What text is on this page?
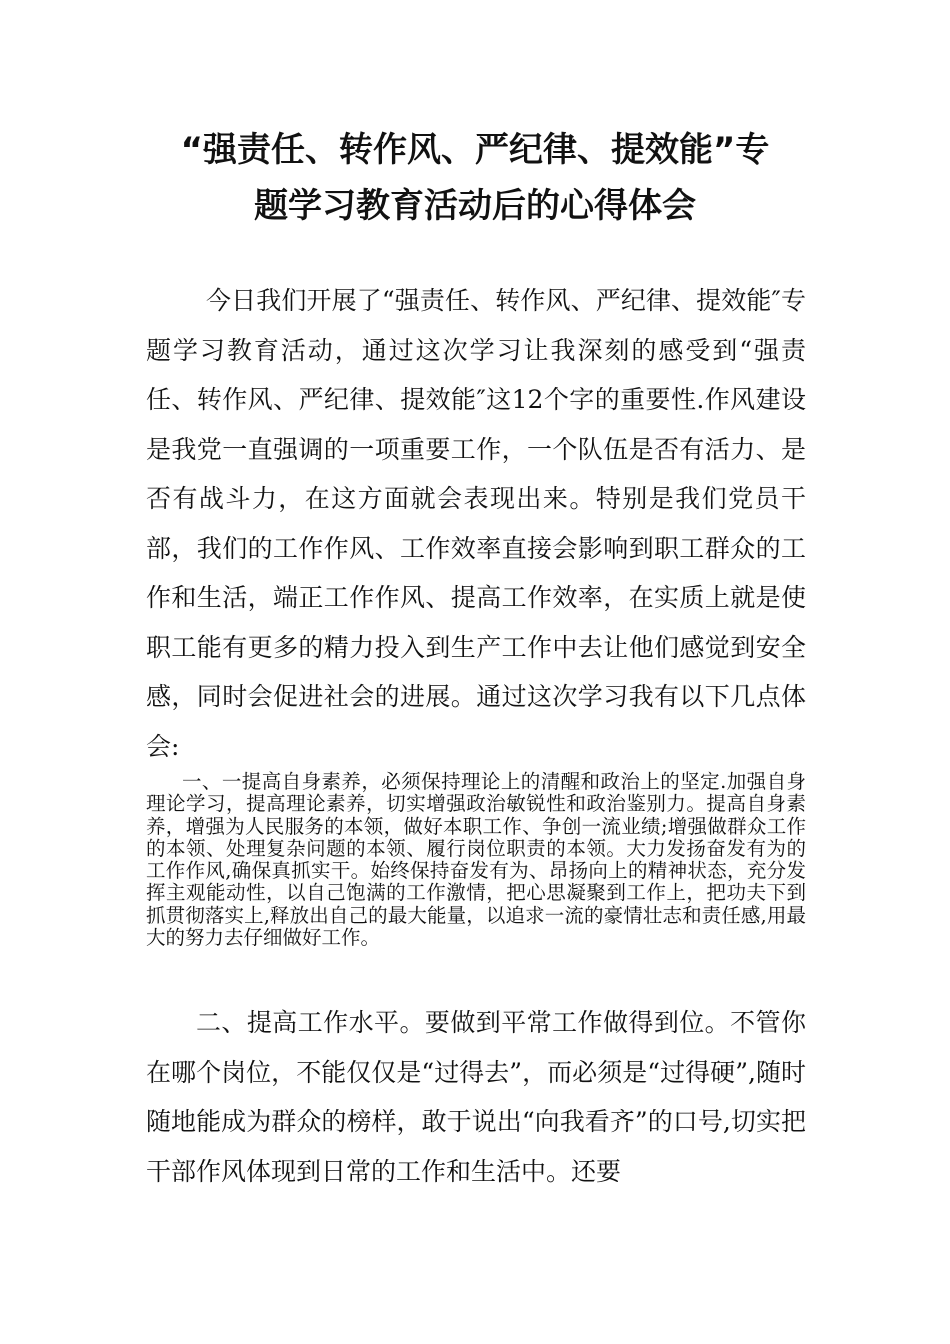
“强责任、转作风、严纪律、提效能”专
题学习教育活动后的心得体会

今日我们开展了“强责任、转作风、严纪律、提效能″专题学习教育活动，通过这次学习让我深刻的感受到“强责任、转作风、严纪律、提效能″这12个字的重要性.作风建设是我党一直强调的一项重要工作，一个队伍是否有活力、是否有战斗力，在这方面就会表现出来。特别是我们党员干部，我们的工作作风、工作效率直接会影响到职工群众的工作和生活，端正工作作风、提高工作效率，在实质上就是使职工能有更多的精力投入到生产工作中去让他们感觉到安全感，同时会促进社会的进展。通过这次学习我有以下几点体会:

一、一提高自身素养，必须保持理论上的清醒和政治上的坚定.加强自身理论学习，提高理论素养，切实增强政治敏锐性和政治鉴别力。提高自身素养，增强为人民服务的本领，做好本职工作、争创一流业绩;增强做群众工作的本领、处理复杂问题的本领、履行岗位职责的本领。大力发扬奋发有为的工作作风,确保真抓实干。始终保持奋发有为、昂扬向上的精神状态，充分发挥主观能动性，以自己饱满的工作激情，把心思凝聚到工作上，把功夫下到抓贯彻落实上,释放出自己的最大能量，以追求一流的豪情壮志和责任感,用最大的努力去仔细做好工作。

二、提高工作水平。要做到平常工作做得到位。不管你在哪个岗位，不能仅仅是“过得去”，而必须是“过得硬”,随时随地能成为群众的榜样，敢于说出“向我看齐”的口号,切实把干部作风体现到日常的工作和生活中。还要
